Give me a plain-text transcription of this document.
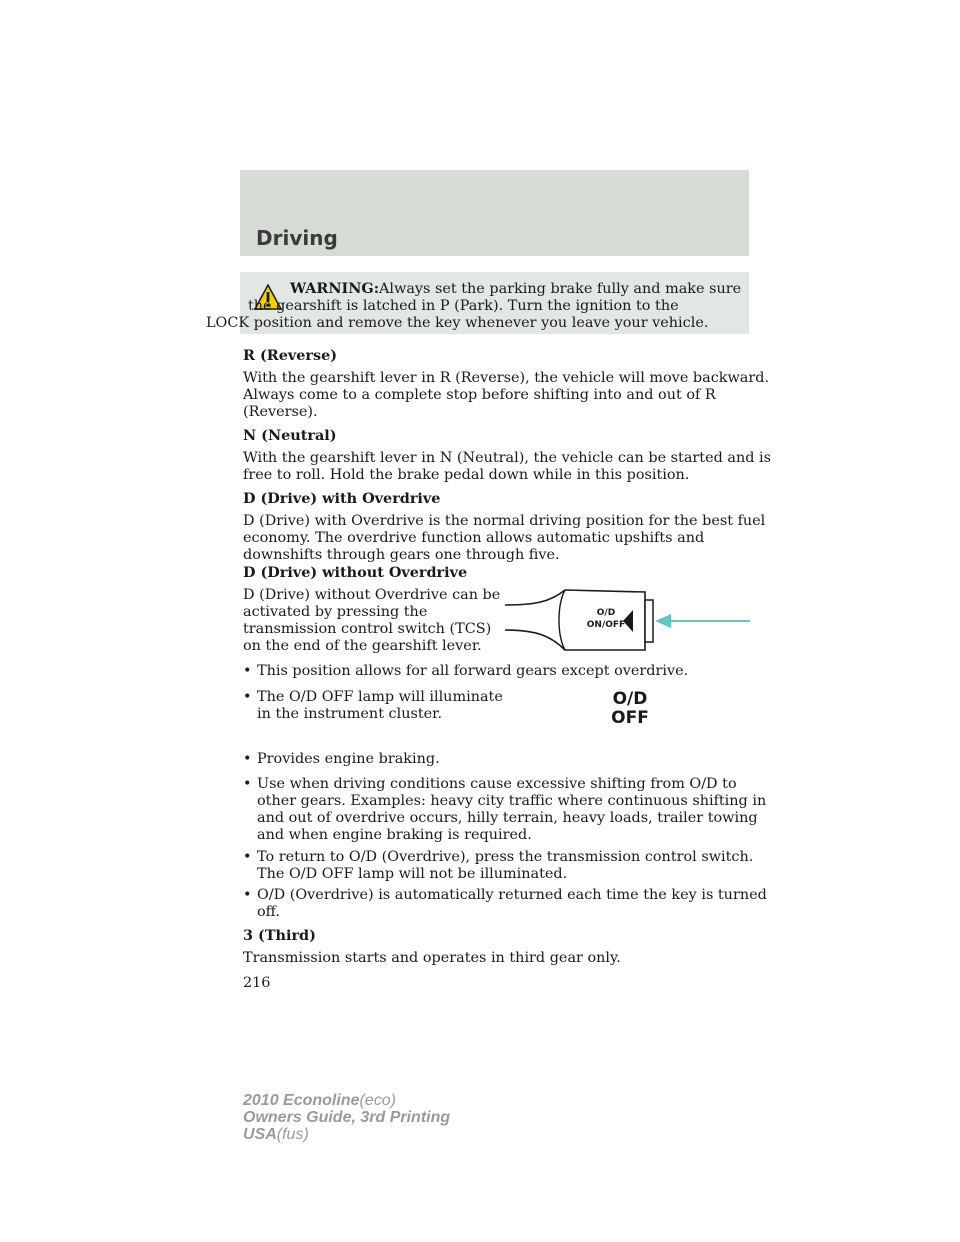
Driving
WARNING:Always set the parking brake fully and make sure
the gearshift is latched in P (Park). Turn the ignition to the
LOCK position and remove the key whenever you leave your vehicle.
R (Reverse)
With the gearshift lever in R (Reverse), the vehicle will move backward.
Always come to a complete stop before shifting into and out of R
(Reverse).
N (Neutral)
With the gearshift lever in N (Neutral), the vehicle can be started and is
free to roll. Hold the brake pedal down while in this position.
D (Drive) with Overdrive
D (Drive) with Overdrive is the normal driving position for the best fuel
economy. The overdrive function allows automatic upshifts and
downshifts through gears one through five.
D (Drive) without Overdrive
D (Drive) without Overdrive can be
activated by pressing the
transmission control switch (TCS)
on the end of the gearshift lever.
O/D
ON/OFF
• This position allows for all forward gears except overdrive.
• The O/D OFF lamp will illuminate
in the instrument cluster.
O/D
OFF
• Provides engine braking.
• Use when driving conditions cause excessive shifting from O/D to
other gears. Examples: heavy city traffic where continuous shifting in
and out of overdrive occurs, hilly terrain, heavy loads, trailer towing
and when engine braking is required.
• To return to O/D (Overdrive), press the transmission control switch.
The O/D OFF lamp will not be illuminated.
• O/D (Overdrive) is automatically returned each time the key is turned
off.
3 (Third)
Transmission starts and operates in third gear only.
216
2010 Econoline(eco)
Owners Guide, 3rd Printing
USA(fus)
